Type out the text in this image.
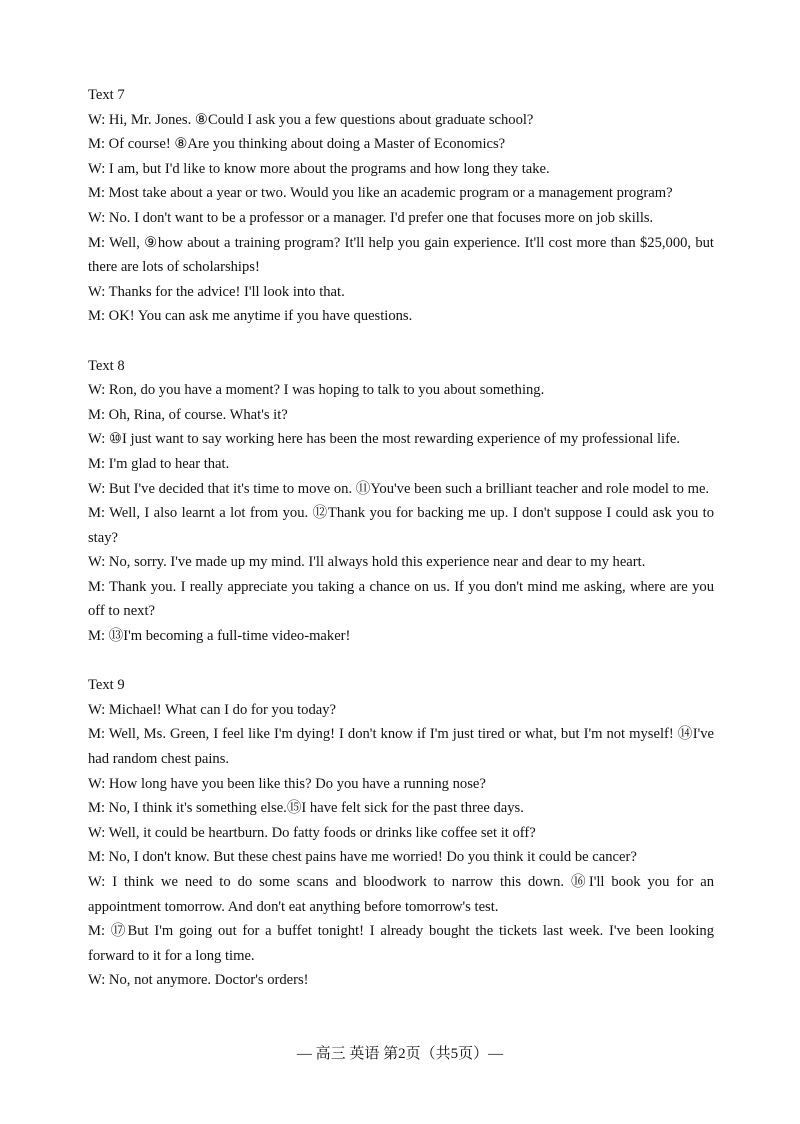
Text 7

W: Hi, Mr. Jones. ⑧Could I ask you a few questions about graduate school?

M: Of course! ⑧Are you thinking about doing a Master of Economics?

W: I am, but I'd like to know more about the programs and how long they take.

M: Most take about a year or two. Would you like an academic program or a management program?

W: No. I don't want to be a professor or a manager. I'd prefer one that focuses more on job skills.

M: Well, ⑨how about a training program? It'll help you gain experience. It'll cost more than $25,000, but there are lots of scholarships!

W: Thanks for the advice! I'll look into that.

M: OK! You can ask me anytime if you have questions.

Text 8

W: Ron, do you have a moment? I was hoping to talk to you about something.

M: Oh, Rina, of course. What's it?

W: ⑩I just want to say working here has been the most rewarding experience of my professional life.

M: I'm glad to hear that.

W: But I've decided that it's time to move on. ⑪You've been such a brilliant teacher and role model to me.

M: Well, I also learnt a lot from you. ⑫Thank you for backing me up. I don't suppose I could ask you to stay?

W: No, sorry. I've made up my mind. I'll always hold this experience near and dear to my heart.

M: Thank you. I really appreciate you taking a chance on us. If you don't mind me asking, where are you off to next?

M: ⑬I'm becoming a full-time video-maker!

Text 9

W: Michael! What can I do for you today?

M: Well, Ms. Green, I feel like I'm dying! I don't know if I'm just tired or what, but I'm not myself! ⑭I've had random chest pains.

W: How long have you been like this? Do you have a running nose?

M: No, I think it's something else.⑮I have felt sick for the past three days.

W: Well, it could be heartburn. Do fatty foods or drinks like coffee set it off?

M: No, I don't know. But these chest pains have me worried! Do you think it could be cancer?

W: I think we need to do some scans and bloodwork to narrow this down. ⑯I'll book you for an appointment tomorrow. And don't eat anything before tomorrow's test.

M: ⑰But I'm going out for a buffet tonight! I already bought the tickets last week. I've been looking forward to it for a long time.

W: No, not anymore. Doctor's orders!

— 高三 英语 第2页（共5页）—
